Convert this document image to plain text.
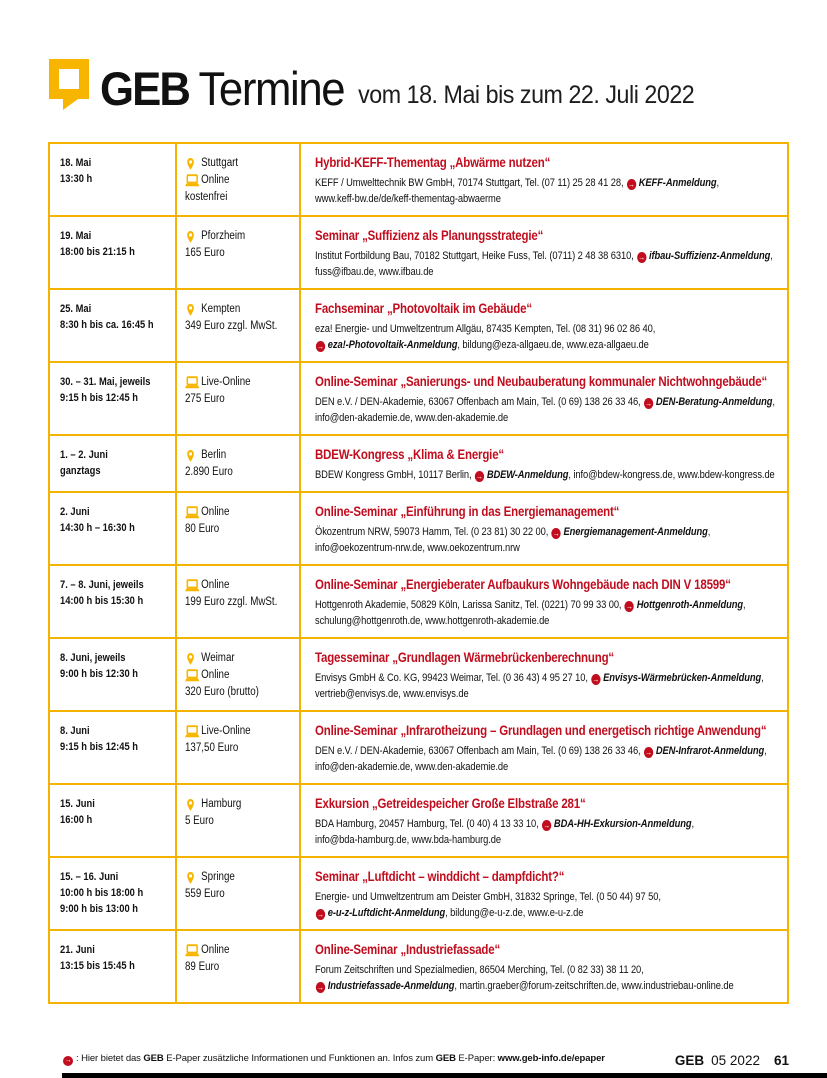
GEB Termine vom 18. Mai bis zum 22. Juli 2022
18. Mai
13:30 h
Stuttgart
Online
kostenfrei
Hybrid-KEFF-Thementag „Abwärme nutzen“

KEFF / Umwelttechnik BW GmbH, 70174 Stuttgart, Tel. (07 11) 25 28 41 28, → KEFF-Anmeldung,
www.keff-bw.de/de/keff-thementag-abwaerme

19. Mai
18:00 bis 21:15 h
Pforzheim
165 Euro
Seminar „Suffizienz als Planungsstrategie“

Institut Fortbildung Bau, 70182 Stuttgart, Heike Fuss, Tel. (0711) 2 48 38 6310, → ifbau-Suffizienz-Anmeldung,
fuss@ifbau.de, www.ifbau.de

25. Mai
8:30 h bis ca. 16:45 h
Kempten
349 Euro zzgl. MwSt.
Fachseminar „Photovoltaik im Gebäude“

eza! Energie- und Umweltzentrum Allgäu, 87435 Kempten, Tel. (08 31) 96 02 86 40,
→ eza!-Photovoltaik-Anmeldung, bildung@eza-allgaeu.de, www.eza-allgaeu.de

30. – 31. Mai, jeweils
9:15 h bis 12:45 h
Live-Online
275 Euro
Online-Seminar „Sanierungs- und Neubauberatung kommunaler Nichtwohngebäude“

DEN e.V. / DEN-Akademie, 63067 Offenbach am Main, Tel. (0 69) 138 26 33 46, → DEN-Beratung-Anmeldung,
info@den-akademie.de, www.den-akademie.de

1. – 2. Juni
ganztags
Berlin
2.890 Euro
BDEW-Kongress „Klima & Energie“

BDEW Kongress GmbH, 10117 Berlin, → BDEW-Anmeldung, info@bdew-kongress.de, www.bdew-kongress.de

2. Juni
14:30 h – 16:30 h
Online
80 Euro
Online-Seminar „Einführung in das Energiemanagement“

Ökozentrum NRW, 59073 Hamm, Tel. (0 23 81) 30 22 00, → Energiemanagement-Anmeldung,
info@oekozentrum-nrw.de, www.oekozentrum.nrw

7. – 8. Juni, jeweils
14:00 h bis 15:30 h
Online
199 Euro zzgl. MwSt.
Online-Seminar „Energieberater Aufbaukurs Wohngebäude nach DIN V 18599“

Hottgenroth Akademie, 50829 Köln, Larissa Sanitz, Tel. (0221) 70 99 33 00, → Hottgenroth-Anmeldung,
schulung@hottgenroth.de, www.hottgenroth-akademie.de

8. Juni, jeweils
9:00 h bis 12:30 h
Weimar
Online
320 Euro (brutto)
Tagesseminar „Grundlagen Wärmebrückenberechnung“

Envisys GmbH & Co. KG, 99423 Weimar, Tel. (0 36 43) 4 95 27 10, → Envisys-Wärmebrücken-Anmeldung,
vertrieb@envisys.de, www.envisys.de

8. Juni
9:15 h bis 12:45 h
Live-Online
137,50 Euro
Online-Seminar „Infrarotheizung – Grundlagen und energetisch richtige Anwendung“

DEN e.V. / DEN-Akademie, 63067 Offenbach am Main, Tel. (0 69) 138 26 33 46, → DEN-Infrarot-Anmeldung,
info@den-akademie.de, www.den-akademie.de

15. Juni
16:00 h
Hamburg
5 Euro
Exkursion „Getreidespeicher Große Elbstraße 281“

BDA Hamburg, 20457 Hamburg, Tel. (0 40) 4 13 33 10, → BDA-HH-Exkursion-Anmeldung,
info@bda-hamburg.de, www.bda-hamburg.de

15. – 16. Juni
10:00 h bis 18:00 h
9:00 h bis 13:00 h
Springe
559 Euro
Seminar „Luftdicht – winddicht – dampfdicht?“

Energie- und Umweltzentrum am Deister GmbH, 31832 Springe, Tel. (0 50 44) 97 50,
→ e-u-z-Luftdicht-Anmeldung, bildung@e-u-z.de, www.e-u-z.de

21. Juni
13:15 bis 15:45 h
Online
89 Euro
Online-Seminar „Industriefassade“

Forum Zeitschriften und Spezialmedien, 86504 Merching, Tel. (0 82 33) 38 11 20,
→ Industriefassade-Anmeldung, martin.graeber@forum-zeitschriften.de, www.industriebau-online.de

→ : Hier bietet das GEB E-Paper zusätzliche Informationen und Funktionen an. Infos zum GEB E-Paper: www.geb-info.de/epaper	GEB 05 2022 61
